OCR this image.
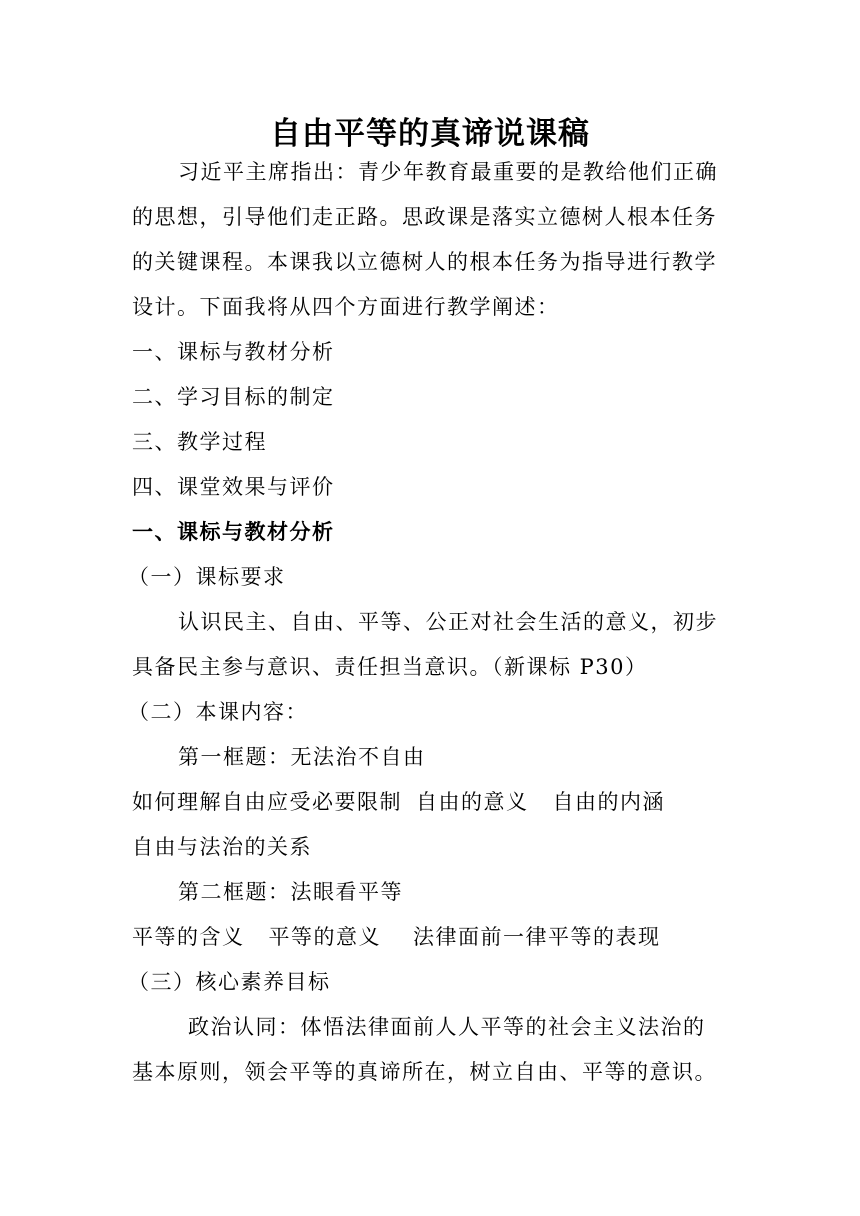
自由平等的真谛说课稿
习近平主席指出：青少年教育最重要的是教给他们正确
的思想，引导他们走正路。思政课是落实立德树人根本任务
的关键课程。本课我以立德树人的根本任务为指导进行教学
设计。下面我将从四个方面进行教学阐述：
一、课标与教材分析
二、学习目标的制定
三、教学过程
四、课堂效果与评价
一、课标与教材分析
（一）课标要求
认识民主、自由、平等、公正对社会生活的意义，初步
具备民主参与意识、责任担当意识。（新课标 P30）
（二）本课内容：
第一框题：无法治不自由
如何理解自由应受必要限制 自由的意义 自由的内涵
自由与法治的关系
第二框题：法眼看平等
平等的含义 平等的意义 法律面前一律平等的表现
（三）核心素养目标
政治认同：体悟法律面前人人平等的社会主义法治的
基本原则，领会平等的真谛所在，树立自由、平等的意识。
